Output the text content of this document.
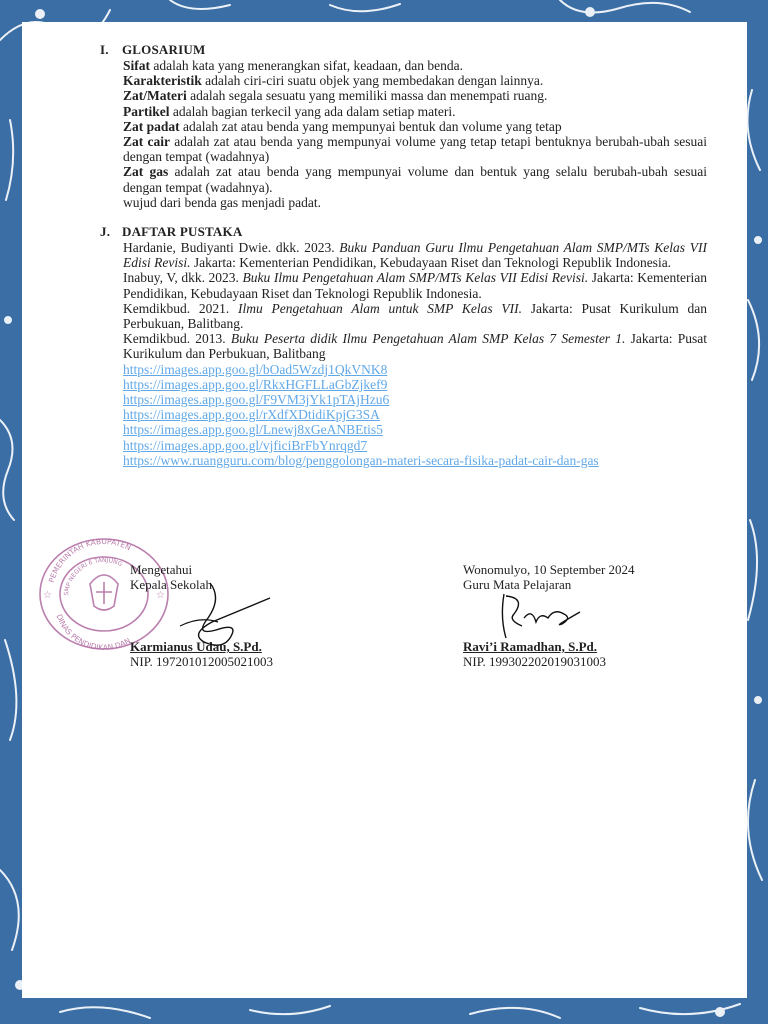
I. GLOSARIUM

Sifat adalah kata yang menerangkan sifat, keadaan, dan benda.

Karakteristik adalah ciri-ciri suatu objek yang membedakan dengan lainnya.

Zat/Materi adalah segala sesuatu yang memiliki massa dan menempati ruang.

Partikel adalah bagian terkecil yang ada dalam setiap materi.

Zat padat adalah zat atau benda yang mempunyai bentuk dan volume yang tetap

Zat cair adalah zat atau benda yang mempunyai volume yang tetap tetapi bentuknya berubah-ubah sesuai dengan tempat (wadahnya)

Zat gas adalah zat atau benda yang mempunyai volume dan bentuk yang selalu berubah-ubah sesuai dengan tempat (wadahnya).

wujud dari benda gas menjadi padat.

J. DAFTAR PUSTAKA

Hardanie, Budiyanti Dwie. dkk. 2023. Buku Panduan Guru Ilmu Pengetahuan Alam SMP/MTs Kelas VII Edisi Revisi. Jakarta: Kementerian Pendidikan, Kebudayaan Riset dan Teknologi Republik Indonesia.

Inabuy, V, dkk. 2023. Buku Ilmu Pengetahuan Alam SMP/MTs Kelas VII Edisi Revisi. Jakarta: Kementerian Pendidikan, Kebudayaan Riset dan Teknologi Republik Indonesia.

Kemdikbud. 2021. Ilmu Pengetahuan Alam untuk SMP Kelas VII. Jakarta: Pusat Kurikulum dan Perbukuan, Balitbang.

Kemdikbud. 2013. Buku Peserta didik Ilmu Pengetahuan Alam SMP Kelas 7 Semester 1. Jakarta: Pusat Kurikulum dan Perbukuan, Balitbang

https://images.app.goo.gl/bOad5Wzdj1QkVNK8

https://images.app.goo.gl/RkxHGFLLaGbZjkef9

https://images.app.goo.gl/F9VM3jYk1pTAjHzu6

https://images.app.goo.gl/rXdfXDtidiKpjG3SA

https://images.app.goo.gl/Lnewj8xGeANBEtis5

https://images.app.goo.gl/vjficiBrFbYnrqgd7

https://www.ruangguru.com/blog/penggolongan-materi-secara-fisika-padat-cair-dan-gas

PEMERINTAH KABUPATEN
SMP NEGERI 6 TANJUNG
DINAS PENDIDIKAN DAN
☆	☆

Mengetahui

Kepala Sekolah

Karmianus Udau, S.Pd.

NIP. 197201012005021003

Wonomulyo, 10 September 2024

Guru Mata Pelajaran

Ravi’i Ramadhan, S.Pd.

NIP. 199302202019031003
